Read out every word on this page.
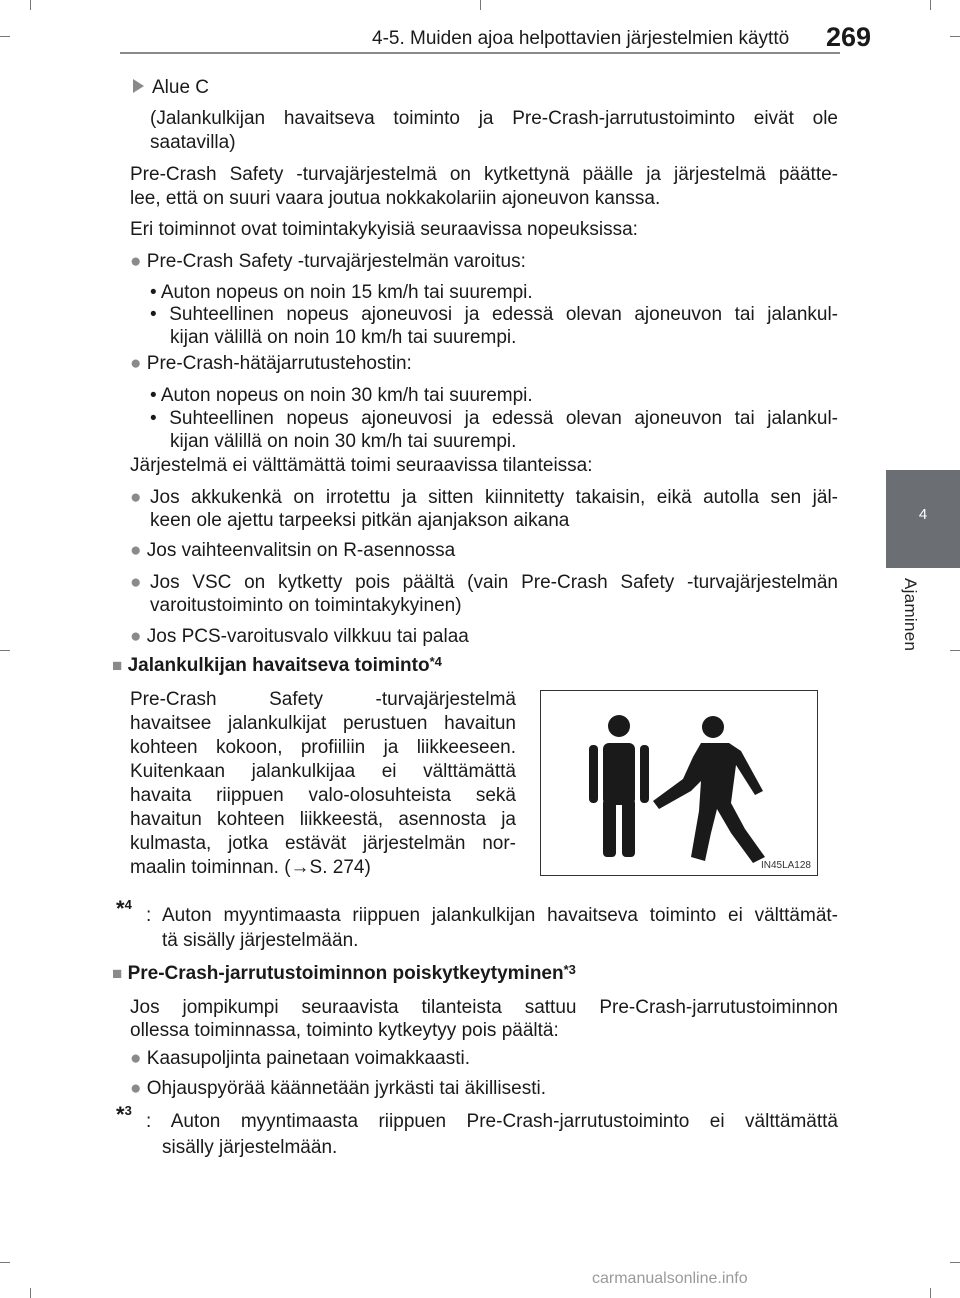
4-5. Muiden ajoa helpottavien järjestelmien käyttö 269
4
Ajaminen
Alue C
(Jalankulkijan havaitseva toiminto ja Pre-Crash-jarrutustoiminto eivät ole
saatavilla)
Pre-Crash Safety -turvajärjestelmä on kytkettynä päälle ja järjestelmä päätte-
lee, että on suuri vaara joutua nokkakolariin ajoneuvon kanssa.
Eri toiminnot ovat toimintakykyisiä seuraavissa nopeuksissa:
● Pre-Crash Safety -turvajärjestelmän varoitus:
• Auton nopeus on noin 15 km/h tai suurempi.
• Suhteellinen nopeus ajoneuvosi ja edessä olevan ajoneuvon tai jalankul-
kijan välillä on noin 10 km/h tai suurempi.
● Pre-Crash-hätäjarrutustehostin:
• Auton nopeus on noin 30 km/h tai suurempi.
• Suhteellinen nopeus ajoneuvosi ja edessä olevan ajoneuvon tai jalankul-
kijan välillä on noin 30 km/h tai suurempi.
Järjestelmä ei välttämättä toimi seuraavissa tilanteissa:
● Jos akkukenkä on irrotettu ja sitten kiinnitetty takaisin, eikä autolla sen jäl-
keen ole ajettu tarpeeksi pitkän ajanjakson aikana
● Jos vaihteenvalitsin on R-asennossa
● Jos VSC on kytketty pois päältä (vain Pre-Crash Safety -turvajärjestelmän
varoitustoiminto on toimintakykyinen)
● Jos PCS-varoitusvalo vilkkuu tai palaa
■ Jalankulkijan havaitseva toiminto$^{*4}$
Pre-Crash Safety -turvajärjestelmä
havaitsee jalankulkijat perustuen havaitun
kohteen kokoon, profiiliin ja liikkeeseen.
Kuitenkaan jalankulkijaa ei välttämättä
havaita riippuen valo-olosuhteista sekä
havaitun kohteen liikkeestä, asennosta ja
kulmasta, jotka estävät järjestelmän nor-
maalin toiminnan. (→S. 274)	IN45LA128
*$^4$
: Auton myyntimaasta riippuen jalankulkijan havaitseva toiminto ei välttämät-
tä sisälly järjestelmään.
■ Pre-Crash-jarrutustoiminnon poiskytkeytyminen$^{*3}$
Jos jompikumpi seuraavista tilanteista sattuu Pre-Crash-jarrutustoiminnon
ollessa toiminnassa, toiminto kytkeytyy pois päältä:
● Kaasupoljinta painetaan voimakkaasti.
● Ohjauspyörää käännetään jyrkästi tai äkillisesti.
*$^3$
: Auton myyntimaasta riippuen Pre-Crash-jarrutustoiminto ei välttämättä
sisälly järjestelmään.
carmanualsonline.info
